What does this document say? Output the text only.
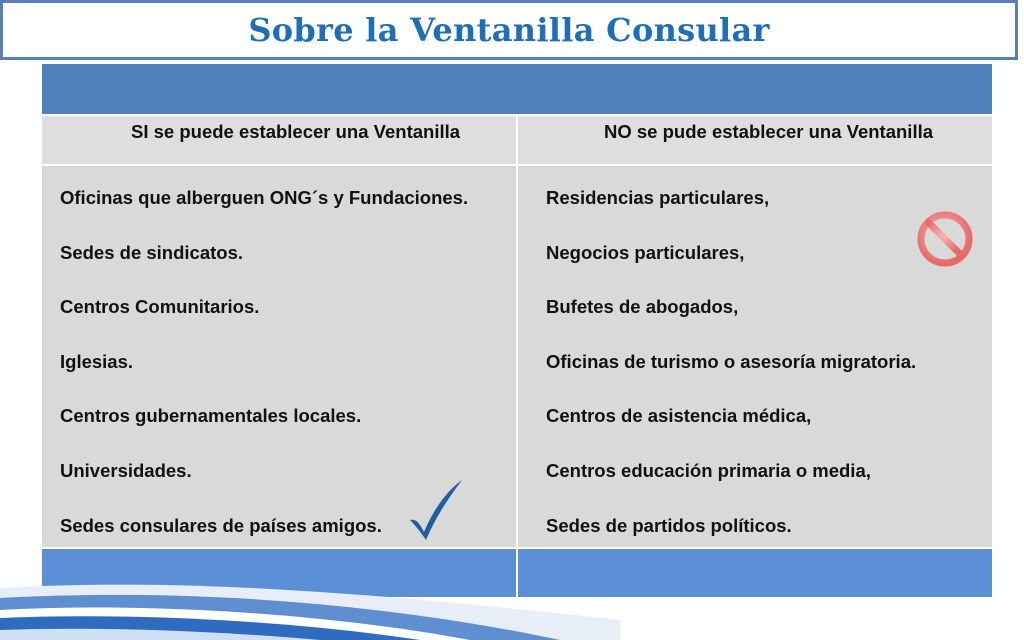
Sobre la Ventanilla Consular
SI se puede establecer una Ventanilla	NO se pude establecer una Ventanilla
Oficinas que alberguen ONG´s y Fundaciones.
Sedes de sindicatos.
Centros Comunitarios.
Iglesias.
Centros gubernamentales locales.
Universidades.
Sedes consulares de países amigos.
Residencias particulares,
Negocios particulares,
Bufetes de abogados,
Oficinas de turismo o asesoría migratoria.
Centros de asistencia médica,
Centros educación primaria o media,
Sedes de partidos políticos.
